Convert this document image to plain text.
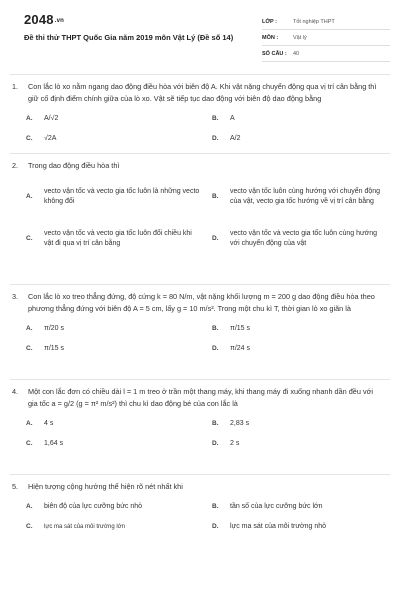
2048.vn
Đề thi thử THPT Quốc Gia năm 2019 môn Vật Lý (Đề số 14)
LỚP :	Tốt nghiệp THPT
MÔN :	Vật lý
SỐ CÂU :	40
1.	Con lắc lò xo nằm ngang dao động điều hòa với biên độ A. Khi vật nặng chuyển động qua vị trí cân bằng thì giữ cố định điểm chính giữa của lò xo. Vật sẽ tiếp tục dao động với biên độ dao động bằng
A.	A/√2	B.	A
C.	√2A	D.	A/2
2.	Trong dao động điều hòa thì
A.
vecto vận tốc và vecto gia tốc luôn là những vecto không đổi
B.
vecto vận tốc luôn cùng hướng với chuyển động của vật, vecto gia tốc hướng về vị trí cân bằng
C.
vecto vận tốc và vecto gia tốc luôn đổi chiều khi vật đi qua vị trí cân bằng
D.
vecto vận tốc và vecto gia tốc luôn cùng hướng với chuyển động của vật
3.	Con lắc lò xo treo thẳng đứng, độ cứng k = 80 N/m, vật nặng khối lượng m = 200 g dao động điều hòa theo phương thẳng đứng với biên độ A = 5 cm, lấy g = 10 m/s². Trong một chu kì T, thời gian lò xo giãn là
A.	π/20 s	B.	π/15 s
C.	π/15 s	D.	π/24 s
4.	Một con lắc đơn có chiều dài l = 1 m treo ở trần một thang máy, khi thang máy đi xuống nhanh dần đều với gia tốc a = g/2 (g = π² m/s²) thì chu kì dao động bé của con lắc là
A.	4 s	B.	2,83 s
C.	1,64 s	D.	2 s
5.	Hiện tượng cộng hưởng thể hiện rõ nét nhất khi
A.	biên độ của lực cưỡng bức nhỏ	B.	tần số của lực cưỡng bức lớn
C.	lực ma sát của môi trường lớn	D.	lực ma sát của môi trường nhỏ
